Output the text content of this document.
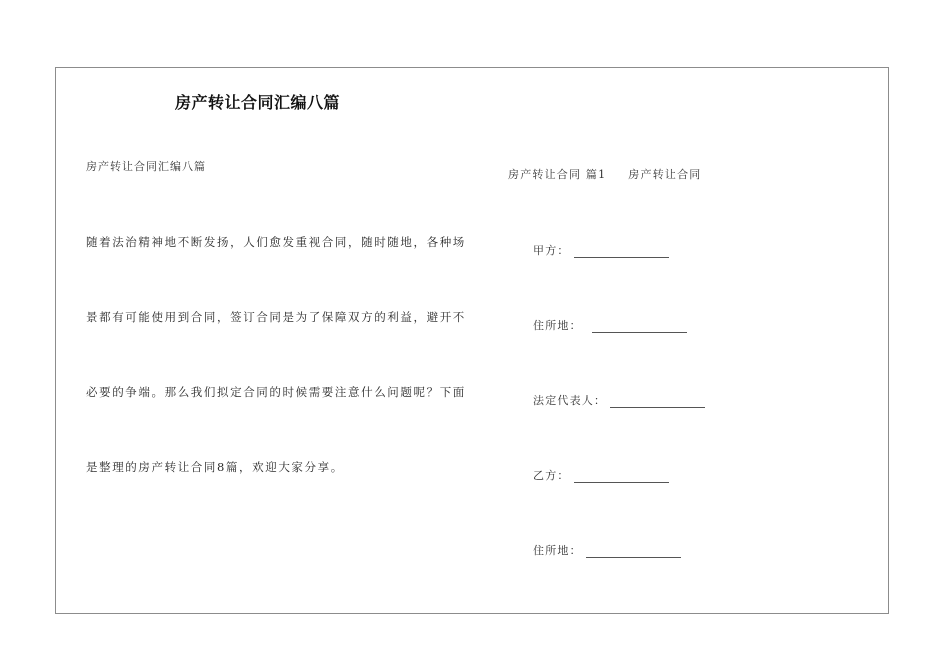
房产转让合同汇编八篇
房产转让合同汇编八篇
随着法治精神地不断发扬，人们愈发重视合同，随时随地，各种场
景都有可能使用到合同，签订合同是为了保障双方的利益，避开不
必要的争端。那么我们拟定合同的时候需要注意什么问题呢？下面
是整理的房产转让合同8篇，欢迎大家分享。
房产转让合同 篇1 房产转让合同
甲方：
住所地：
法定代表人：
乙方：
住所地：
